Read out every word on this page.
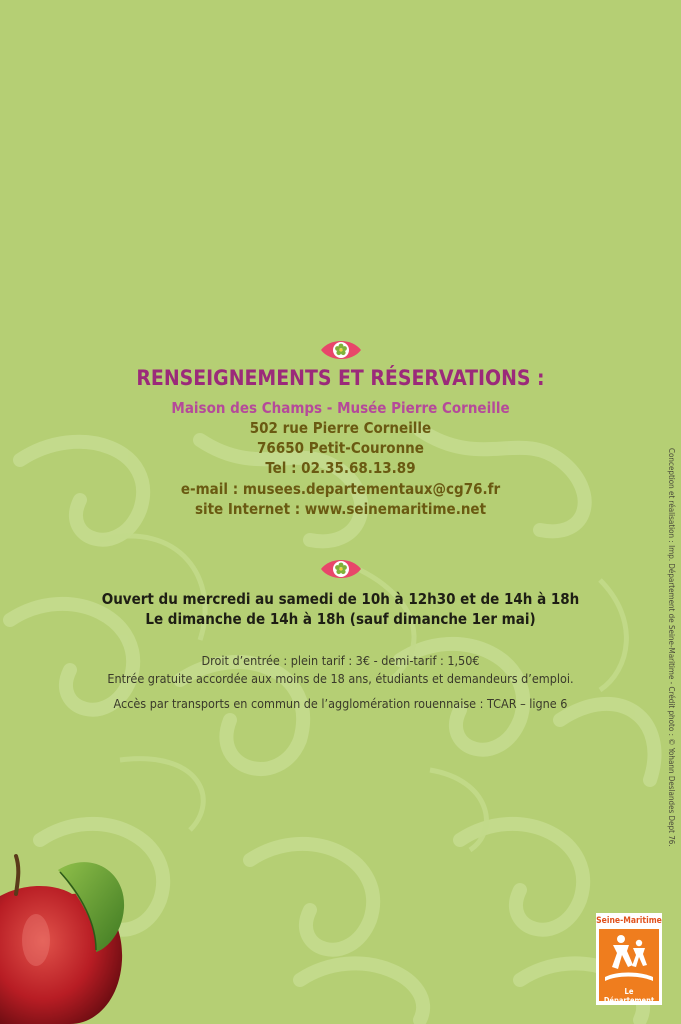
RENSEIGNEMENTS ET RÉSERVATIONS :
Maison des Champs - Musée Pierre Corneille
502 rue Pierre Corneille
76650 Petit-Couronne
Tel : 02.35.68.13.89
e-mail : musees.departementaux@cg76.fr
site Internet : www.seinemaritime.net
Ouvert du mercredi au samedi de 10h à 12h30 et de 14h à 18h
Le dimanche de 14h à 18h (sauf dimanche 1er mai)
Droit d’entrée : plein tarif : 3€ - demi-tarif : 1,50€
Entrée gratuite accordée aux moins de 18 ans, étudiants et demandeurs d’emploi.
Accès par transports en commun de l’agglomération rouennaise : TCAR – ligne 6	Conception et réalisation : Imp. Département de Seine-Maritime - Crédit photo : © Yohann Deslandes Dept 76.
Seine-Maritime
Le Département
